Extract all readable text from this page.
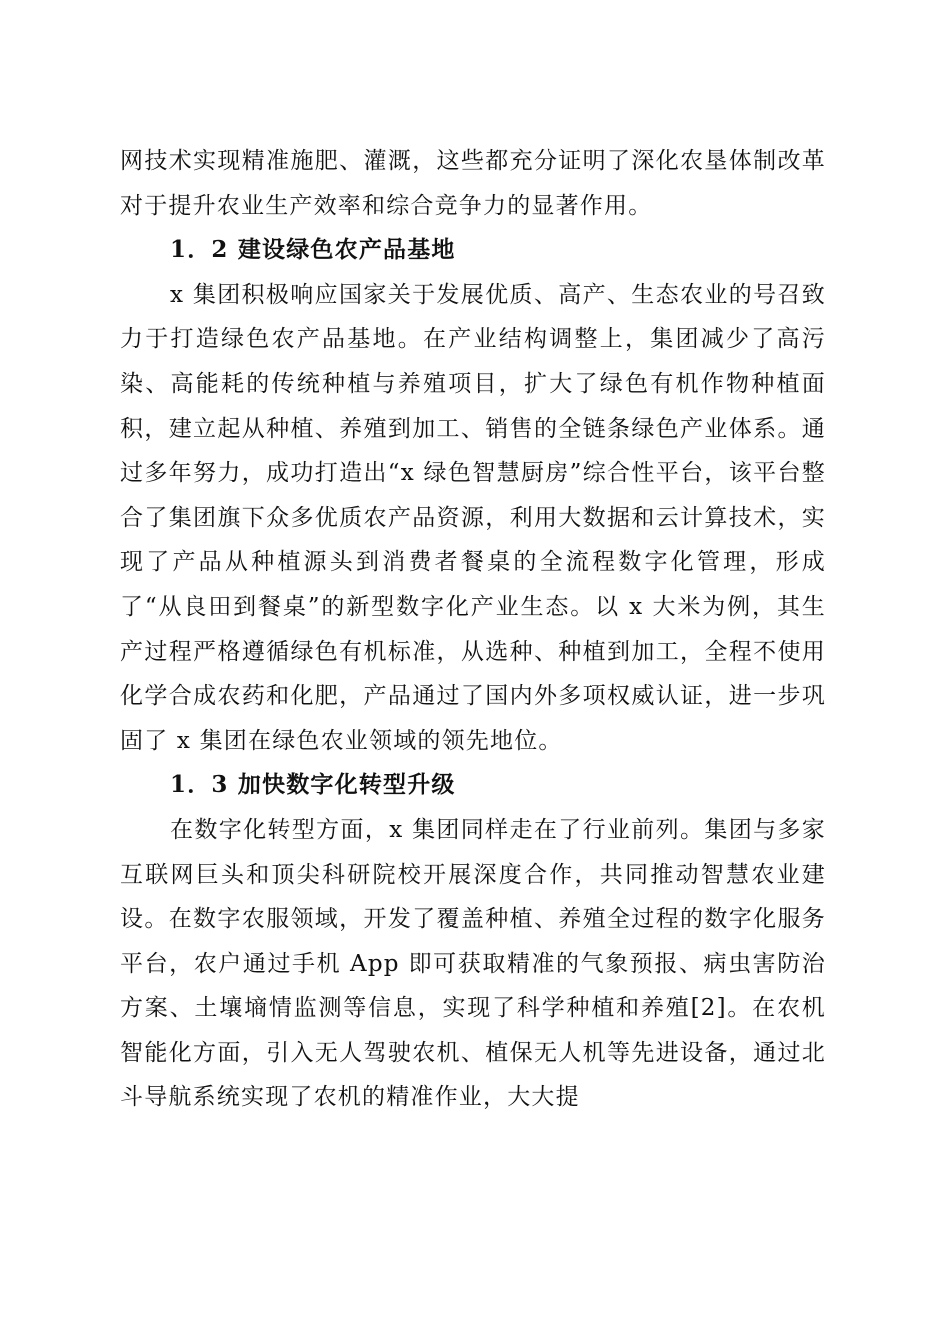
网技术实现精准施肥、灌溉，这些都充分证明了深化农垦体制改革对于提升农业生产效率和综合竞争力的显著作用。

1．2 建设绿色农产品基地

x 集团积极响应国家关于发展优质、高产、生态农业的号召致力于打造绿色农产品基地。在产业结构调整上，集团减少了高污染、高能耗的传统种植与养殖项目，扩大了绿色有机作物种植面积，建立起从种植、养殖到加工、销售的全链条绿色产业体系。通过多年努力，成功打造出“x 绿色智慧厨房”综合性平台，该平台整合了集团旗下众多优质农产品资源，利用大数据和云计算技术，实现了产品从种植源头到消费者餐桌的全流程数字化管理，形成了“从良田到餐桌”的新型数字化产业生态。以 x 大米为例，其生产过程严格遵循绿色有机标准，从选种、种植到加工，全程不使用化学合成农药和化肥，产品通过了国内外多项权威认证，进一步巩固了 x 集团在绿色农业领域的领先地位。

1．3 加快数字化转型升级

在数字化转型方面，x 集团同样走在了行业前列。集团与多家互联网巨头和顶尖科研院校开展深度合作，共同推动智慧农业建设。在数字农服领域，开发了覆盖种植、养殖全过程的数字化服务平台，农户通过手机 App 即可获取精准的气象预报、病虫害防治方案、土壤墒情监测等信息，实现了科学种植和养殖[2]。在农机智能化方面，引入无人驾驶农机、植保无人机等先进设备，通过北斗导航系统实现了农机的精准作业，大大提
